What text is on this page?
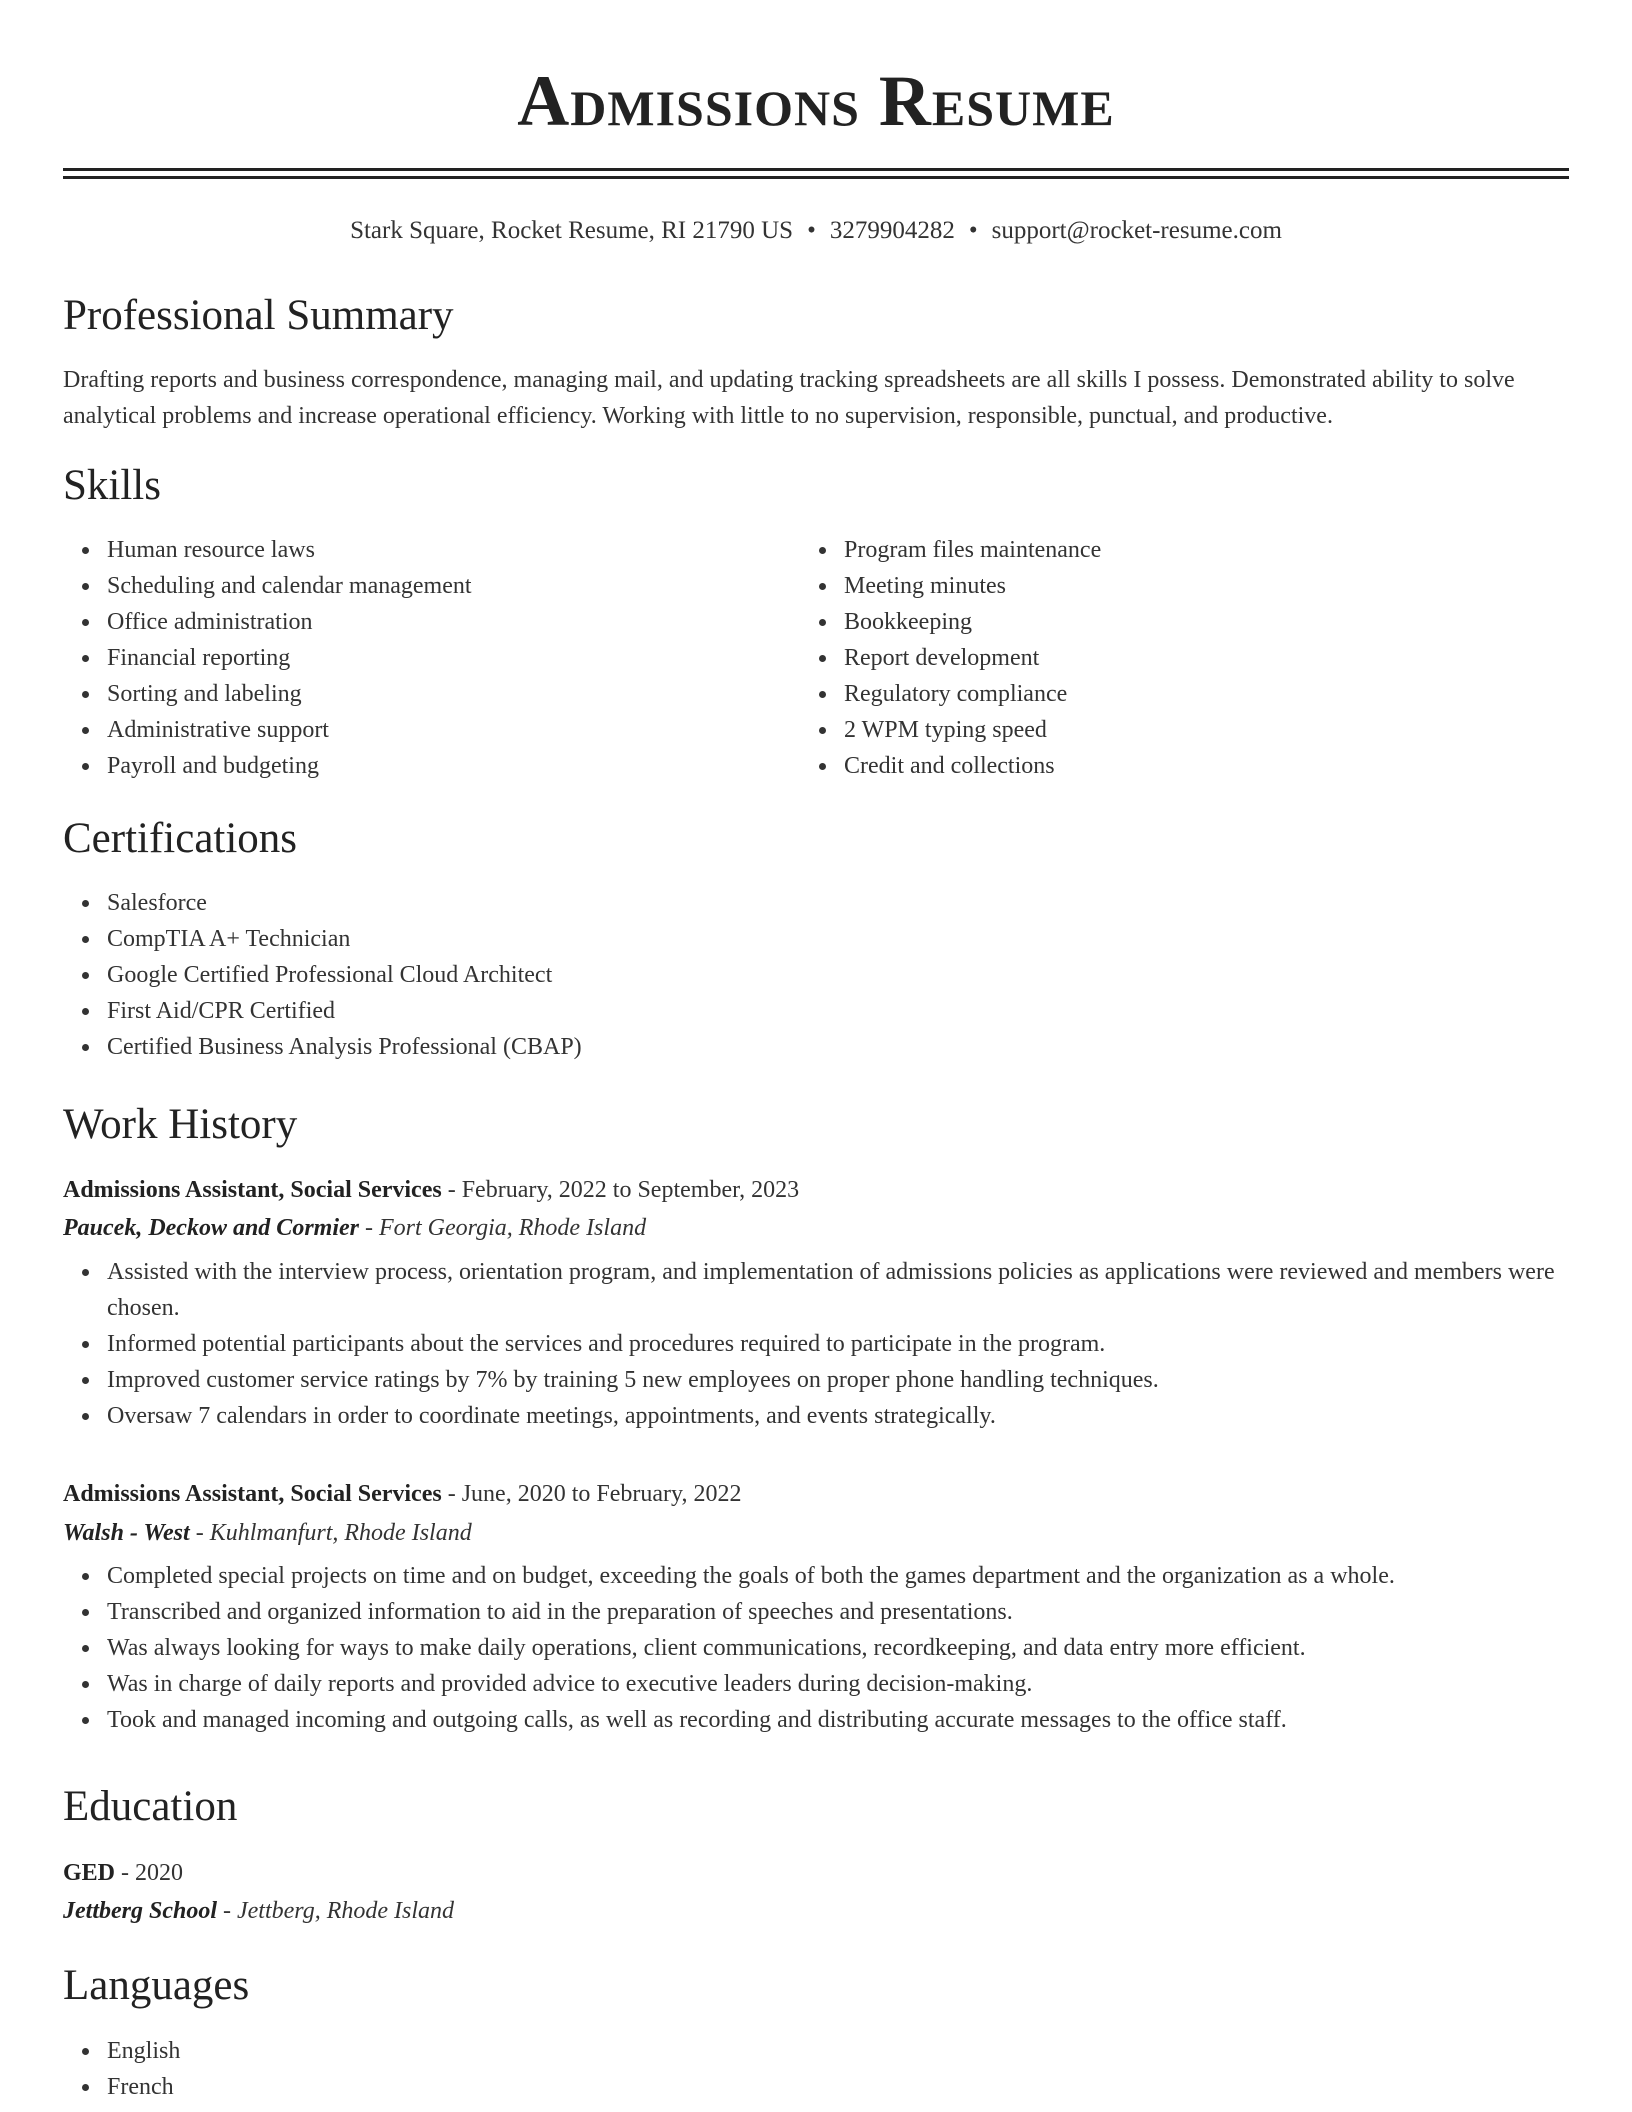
Admissions Resume
Stark Square, Rocket Resume, RI 21790 US • 3279904282 • support@rocket-resume.com
Professional Summary
Drafting reports and business correspondence, managing mail, and updating tracking spreadsheets are all skills I possess. Demonstrated ability to solve analytical problems and increase operational efficiency. Working with little to no supervision, responsible, punctual, and productive.
Skills
Human resource laws
Scheduling and calendar management
Office administration
Financial reporting
Sorting and labeling
Administrative support
Payroll and budgeting
Program files maintenance
Meeting minutes
Bookkeeping
Report development
Regulatory compliance
2 WPM typing speed
Credit and collections
Certifications
Salesforce
CompTIA A+ Technician
Google Certified Professional Cloud Architect
First Aid/CPR Certified
Certified Business Analysis Professional (CBAP)
Work History
Admissions Assistant, Social Services - February, 2022 to September, 2023
Paucek, Deckow and Cormier - Fort Georgia, Rhode Island
Assisted with the interview process, orientation program, and implementation of admissions policies as applications were reviewed and members were chosen.
Informed potential participants about the services and procedures required to participate in the program.
Improved customer service ratings by 7% by training 5 new employees on proper phone handling techniques.
Oversaw 7 calendars in order to coordinate meetings, appointments, and events strategically.
Admissions Assistant, Social Services - June, 2020 to February, 2022
Walsh - West - Kuhlmanfurt, Rhode Island
Completed special projects on time and on budget, exceeding the goals of both the games department and the organization as a whole.
Transcribed and organized information to aid in the preparation of speeches and presentations.
Was always looking for ways to make daily operations, client communications, recordkeeping, and data entry more efficient.
Was in charge of daily reports and provided advice to executive leaders during decision-making.
Took and managed incoming and outgoing calls, as well as recording and distributing accurate messages to the office staff.
Education
GED - 2020
Jettberg School - Jettberg, Rhode Island
Languages
English
French
